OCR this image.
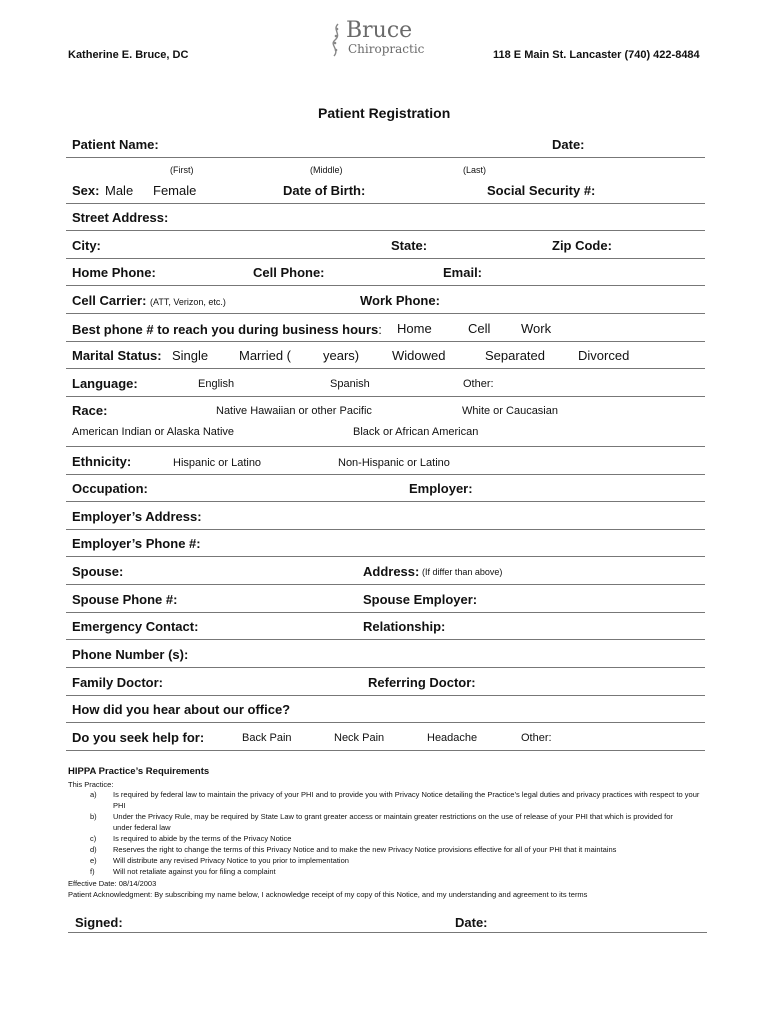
Katherine E. Bruce, DC
Bruce
Chiropractic	118 E Main St. Lancaster (740) 422-8484
Patient Registration
Patient Name:	Date:
(First)	(Middle)	(Last)
Sex: Male Female	Date of Birth:	Social Security #:
Street Address:
City:	State:	Zip Code:
Home Phone:	Cell Phone:	Email:
Cell Carrier: (ATT, Verizon, etc.)	Work Phone:
Best phone # to reach you during business hours: Home	Cell Work
Marital Status: Single Married ( years)	Widowed	Separated	Divorced
Language:	English	Spanish	Other:
Race:	Native Hawaiian or other Pacific	White or Caucasian
American Indian or Alaska Native	Black or African American
Ethnicity:	Hispanic or Latino	Non-Hispanic or Latino
Occupation:	Employer:
Employer’s Address:
Employer’s Phone #:
Spouse:	Address: (If differ than above)
Spouse Phone #:	Spouse Employer:
Emergency Contact:	Relationship:
Phone Number (s):
Family Doctor:	Referring Doctor:
How did you hear about our office?
Do you seek help for:	Back Pain	Neck Pain	Headache	Other:
HIPPA Practice’s Requirements
This Practice:
a) Is required by federal law to maintain the privacy of your PHI and to provide you with Privacy Notice detailing the Practice’s legal duties and privacy practices with respect to your PHI
b) Under the Privacy Rule, may be required by State Law to grant greater access or maintain greater restrictions on the use of release of your PHI that which is provided for under federal law
c) Is required to abide by the terms of the Privacy Notice
d) Reserves the right to change the terms of this Privacy Notice and to make the new Privacy Notice provisions effective for all of your PHI that it maintains
e) Will distribute any revised Privacy Notice to you prior to implementation
f) Will not retaliate against you for filing a complaint
Effective Date: 08/14/2003
Patient Acknowledgment: By subscribing my name below, I acknowledge receipt of my copy of this Notice, and my understanding and agreement to its terms
Signed:	Date:
